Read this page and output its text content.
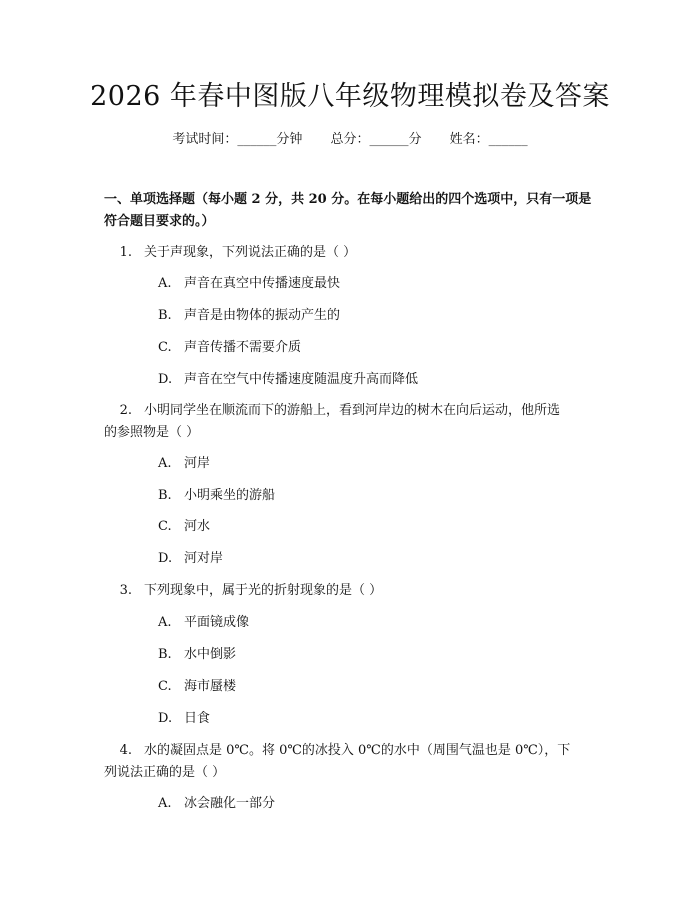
2026 年春中图版八年级物理模拟卷及答案
考试时间：______分钟 总分：______分 姓名：______
一、单项选择题（每小题 2 分，共 20 分。在每小题给出的四个选项中，只有一项是符合题目要求的。）
1. 关于声现象，下列说法正确的是（ ）
A. 声音在真空中传播速度最快
B. 声音是由物体的振动产生的
C. 声音传播不需要介质
D. 声音在空气中传播速度随温度升高而降低
2. 小明同学坐在顺流而下的游船上，看到河岸边的树木在向后运动，他所选
的参照物是（ ）
A. 河岸
B. 小明乘坐的游船
C. 河水
D. 河对岸
3. 下列现象中，属于光的折射现象的是（ ）
A. 平面镜成像
B. 水中倒影
C. 海市蜃楼
D. 日食
4. 水的凝固点是 0℃。将 0℃的冰投入 0℃的水中（周围气温也是 0℃），下
列说法正确的是（ ）
A. 冰会融化一部分
